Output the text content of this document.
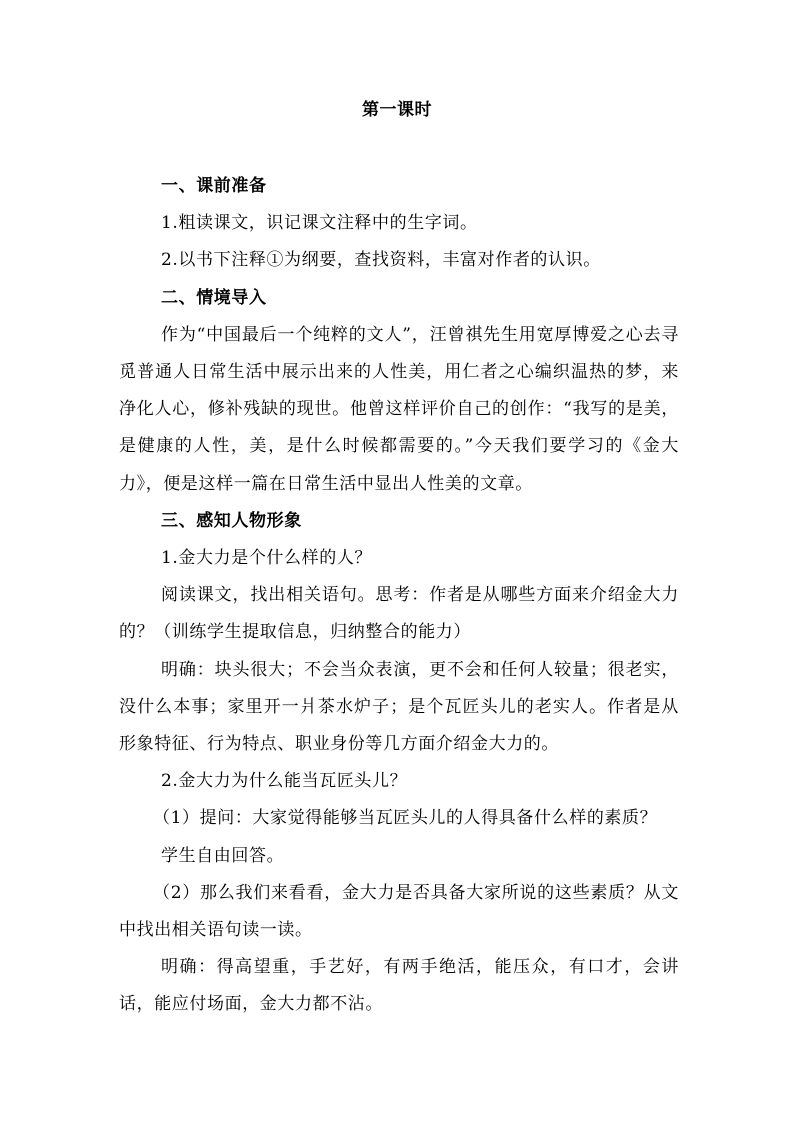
第一课时

一、课前准备

1.粗读课文，识记课文注释中的生字词。

2.以书下注释①为纲要，查找资料，丰富对作者的认识。

二、情境导入

作为“中国最后一个纯粹的文人”，汪曾祺先生用宽厚博爱之心去寻觅普通人日常生活中展示出来的人性美，用仁者之心编织温热的梦，来净化人心，修补残缺的现世。他曾这样评价自己的创作：“我写的是美，是健康的人性，美，是什么时候都需要的。”今天我们要学习的《金大力》，便是这样一篇在日常生活中显出人性美的文章。

三、感知人物形象

1.金大力是个什么样的人？

阅读课文，找出相关语句。思考：作者是从哪些方面来介绍金大力的？（训练学生提取信息，归纳整合的能力）

明确：块头很大；不会当众表演，更不会和任何人较量；很老实，没什么本事；家里开一爿茶水炉子；是个瓦匠头儿的老实人。作者是从形象特征、行为特点、职业身份等几方面介绍金大力的。

2.金大力为什么能当瓦匠头儿？

（1）提问：大家觉得能够当瓦匠头儿的人得具备什么样的素质？

学生自由回答。

（2）那么我们来看看，金大力是否具备大家所说的这些素质？从文中找出相关语句读一读。

明确：得高望重，手艺好，有两手绝活，能压众，有口才，会讲话，能应付场面，金大力都不沾。
